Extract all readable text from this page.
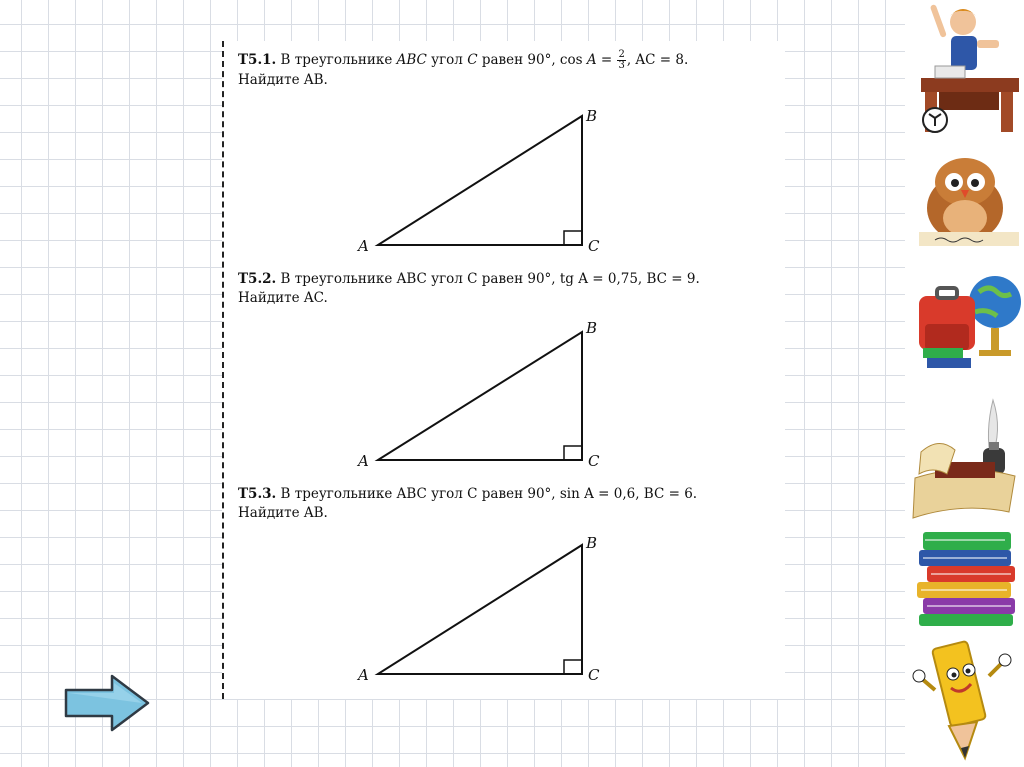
T5.1. В треугольнике ABC угол C равен 90°, $\cos A = \frac{2}{3}$ , AC = 8.
Найдите AB.
A
B
C
T5.2. В треугольнике ABC угол C равен 90°, tg A = 0,75, BC = 9.
Найдите AC.
A
B
C
T5.3. В треугольнике ABC угол C равен 90°, sin A = 0,6, BC = 6.
Найдите AB.
A
B
C
